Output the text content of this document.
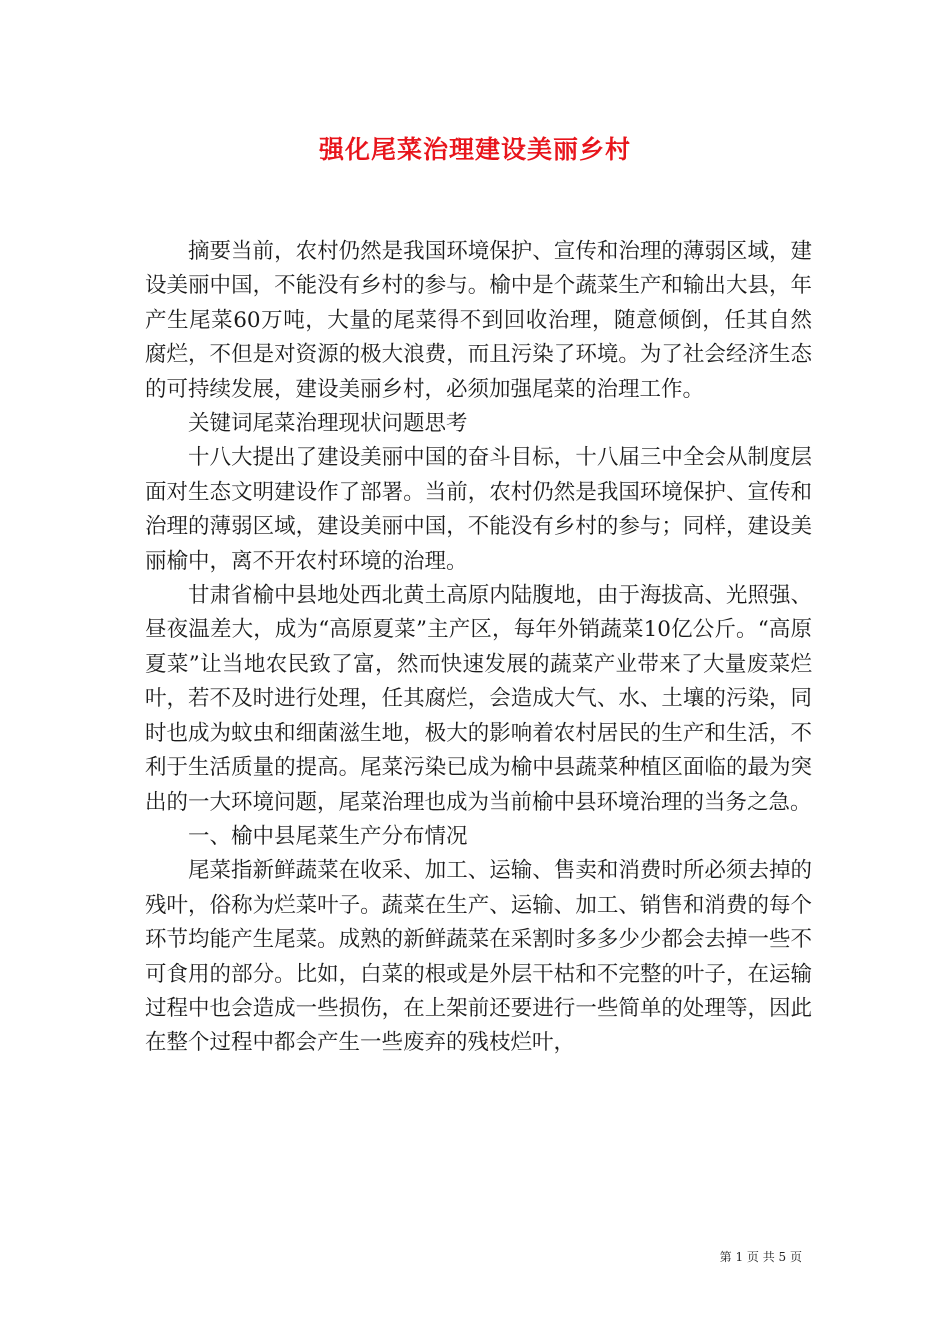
强化尾菜治理建设美丽乡村

摘要当前，农村仍然是我国环境保护、宣传和治理的薄弱区域，建设美丽中国，不能没有乡村的参与。榆中是个蔬菜生产和输出大县，年产生尾菜60万吨，大量的尾菜得不到回收治理，随意倾倒，任其自然腐烂，不但是对资源的极大浪费，而且污染了环境。为了社会经济生态的可持续发展，建设美丽乡村，必须加强尾菜的治理工作。

关键词尾菜治理现状问题思考

十八大提出了建设美丽中国的奋斗目标，十八届三中全会从制度层面对生态文明建设作了部署。当前，农村仍然是我国环境保护、宣传和治理的薄弱区域，建设美丽中国，不能没有乡村的参与；同样，建设美丽榆中，离不开农村环境的治理。

甘肃省榆中县地处西北黄土高原内陆腹地，由于海拔高、光照强、昼夜温差大，成为“高原夏菜”主产区，每年外销蔬菜10亿公斤。“高原夏菜”让当地农民致了富，然而快速发展的蔬菜产业带来了大量废菜烂叶，若不及时进行处理，任其腐烂，会造成大气、水、土壤的污染，同时也成为蚊虫和细菌滋生地，极大的影响着农村居民的生产和生活，不利于生活质量的提高。尾菜污染已成为榆中县蔬菜种植区面临的最为突出的一大环境问题，尾菜治理也成为当前榆中县环境治理的当务之急。

一、榆中县尾菜生产分布情况

尾菜指新鲜蔬菜在收采、加工、运输、售卖和消费时所必须去掉的残叶，俗称为烂菜叶子。蔬菜在生产、运输、加工、销售和消费的每个环节均能产生尾菜。成熟的新鲜蔬菜在采割时多多少少都会去掉一些不可食用的部分。比如，白菜的根或是外层干枯和不完整的叶子，在运输过程中也会造成一些损伤，在上架前还要进行一些简单的处理等，因此在整个过程中都会产生一些废弃的残枝烂叶，

第 1 页 共 5 页
